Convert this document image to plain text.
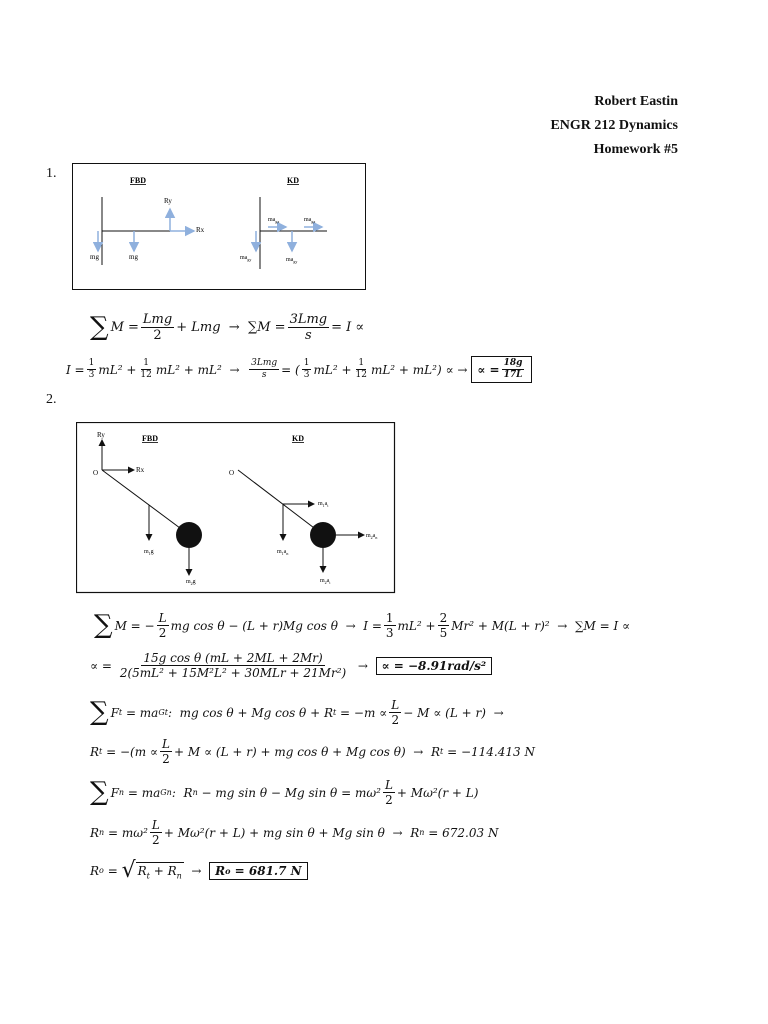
Robert Eastin
ENGR 212 Dynamics
Homework #5
1.	FBD	KD
Ry
Rx
mg	mg
$ma_{gx}$	$ma_{gx}$
$ma_{gy}$	$ma_{gy}$
∑ $M = \frac{\text{Lmg}}{2}$ + Lmg
→
$\sum M = \frac{\text{3Lmg}}{s} = I$ ∝
$I = \frac{1}{3} mL^2 + \frac{1}{12} mL^2 + mL^2$
→
$\frac{\text{3Lmg}}{s}$ = ( $\frac{1}{3} mL^2 + \frac{1}{12} mL^2 + mL^2$) ∝
→
∝ = $\frac{18g}{17L}$
2.
FBD	KD
Ry
Rx
O
$m_1g$
$m_2g$
O
$m_1a_t$
$m_1a_n$
$m_2a_n$
$m_2a_t$
∑ M = − $\frac{L}{2}$ mg cos θ − (L + r)Mg cos θ
→
$I = \frac{1}{3} mL^2 + \frac{2}{5} Mr^2 + M(L + r)^2$
→
∑M = I ∝
∝ =
$\frac{\text{15g cos θ (mL + 2ML + 2Mr)}}{\text{2(5mL² + 15M²L² + 30MLr + 21Mr²)}}$
→
	∝ = −8.91rad/s²
∑ F t
= ma Gt :
mg cos θ + Mg cos θ + R t
= $-m \propto \frac{L}{2} - M \propto (L + r)$
→
R t
= $-(m \propto \frac{L}{2} + M \propto (L + r)$ + mg cos θ + Mg cos θ)
→
R t
= −114.413 N
∑ F n
= ma Gn :
R n
− mg sin θ − Mg $\sin \theta = m\omega^2 \frac{L}{2} + M\omega^2(r + L)$
R n
= $m\omega^2 \frac{L}{2} + M\omega^2(r + L)$ + mg sin θ + Mg sin θ
→
R n
= 672.03 N
R o
=
√ $R_t + R_n$
→
R o
= 681.7 N
